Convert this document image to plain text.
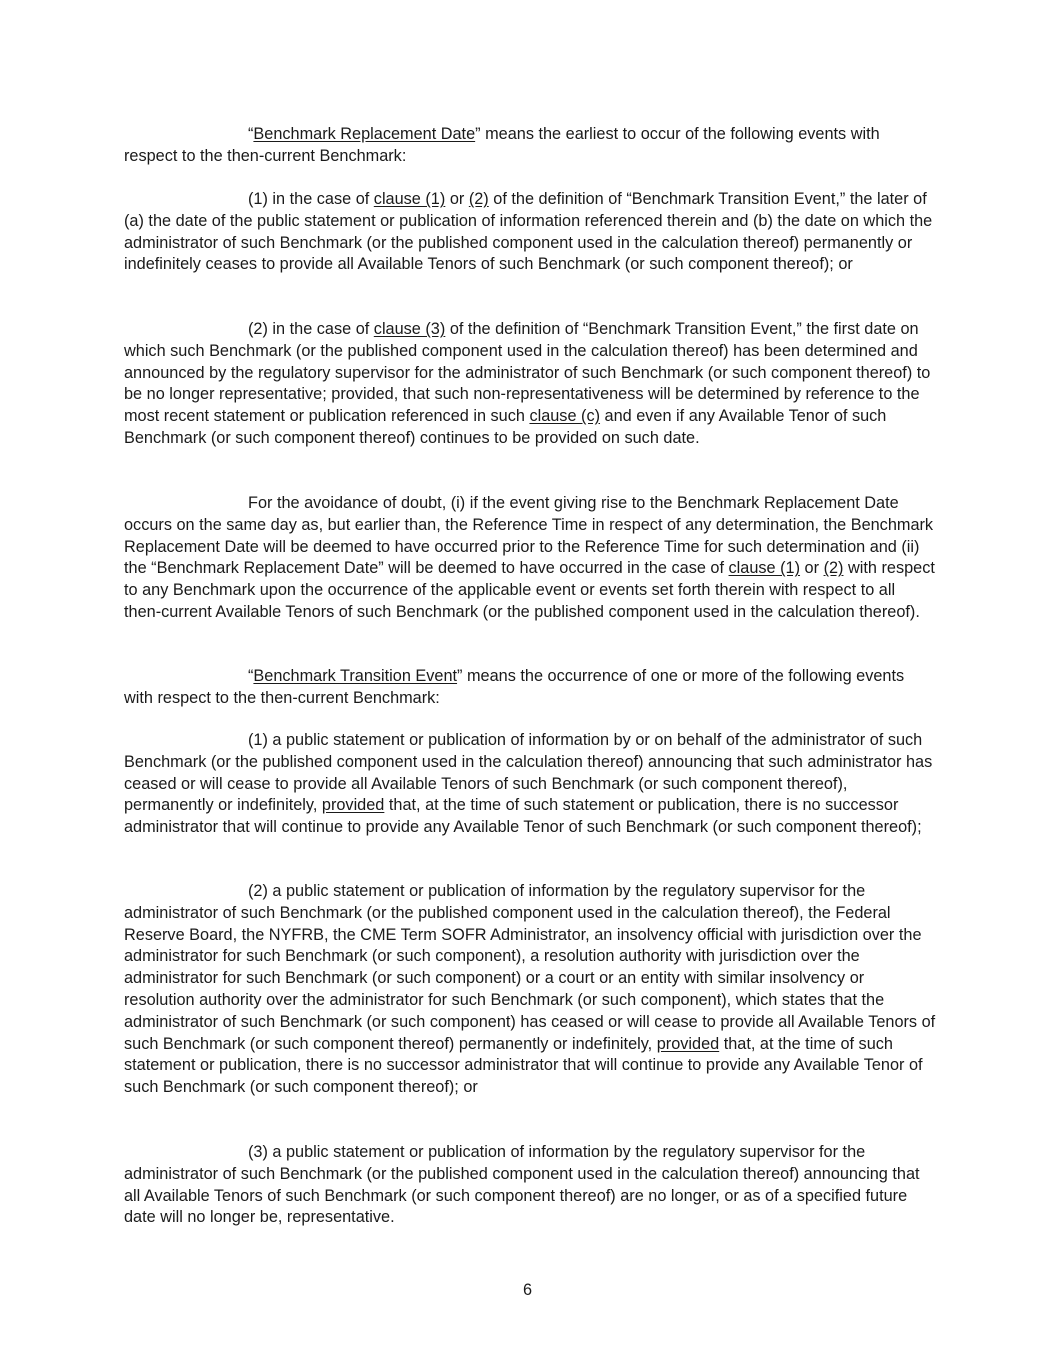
“Benchmark Replacement Date” means the earliest to occur of the following events with respect to the then-current Benchmark:

(1) in the case of clause (1) or (2) of the definition of “Benchmark Transition Event,” the later of (a) the date of the public statement or publication of information referenced therein and (b) the date on which the administrator of such Benchmark (or the published component used in the calculation thereof) permanently or indefinitely ceases to provide all Available Tenors of such Benchmark (or such component thereof); or

(2) in the case of clause (3) of the definition of “Benchmark Transition Event,” the first date on which such Benchmark (or the published component used in the calculation thereof) has been determined and announced by the regulatory supervisor for the administrator of such Benchmark (or such component thereof) to be no longer representative; provided, that such non-representativeness will be determined by reference to the most recent statement or publication referenced in such clause (c) and even if any Available Tenor of such Benchmark (or such component thereof) continues to be provided on such date.

For the avoidance of doubt, (i) if the event giving rise to the Benchmark Replacement Date occurs on the same day as, but earlier than, the Reference Time in respect of any determination, the Benchmark Replacement Date will be deemed to have occurred prior to the Reference Time for such determination and (ii) the “Benchmark Replacement Date” will be deemed to have occurred in the case of clause (1) or (2) with respect to any Benchmark upon the occurrence of the applicable event or events set forth therein with respect to all then-current Available Tenors of such Benchmark (or the published component used in the calculation thereof).

“Benchmark Transition Event” means the occurrence of one or more of the following events with respect to the then-current Benchmark:

(1) a public statement or publication of information by or on behalf of the administrator of such Benchmark (or the published component used in the calculation thereof) announcing that such administrator has ceased or will cease to provide all Available Tenors of such Benchmark (or such component thereof), permanently or indefinitely, provided that, at the time of such statement or publication, there is no successor administrator that will continue to provide any Available Tenor of such Benchmark (or such component thereof);

(2) a public statement or publication of information by the regulatory supervisor for the administrator of such Benchmark (or the published component used in the calculation thereof), the Federal Reserve Board, the NYFRB, the CME Term SOFR Administrator, an insolvency official with jurisdiction over the administrator for such Benchmark (or such component), a resolution authority with jurisdiction over the administrator for such Benchmark (or such component) or a court or an entity with similar insolvency or resolution authority over the administrator for such Benchmark (or such component), which states that the administrator of such Benchmark (or such component) has ceased or will cease to provide all Available Tenors of such Benchmark (or such component thereof) permanently or indefinitely, provided that, at the time of such statement or publication, there is no successor administrator that will continue to provide any Available Tenor of such Benchmark (or such component thereof); or

(3) a public statement or publication of information by the regulatory supervisor for the administrator of such Benchmark (or the published component used in the calculation thereof) announcing that all Available Tenors of such Benchmark (or such component thereof) are no longer, or as of a specified future date will no longer be, representative.

6
